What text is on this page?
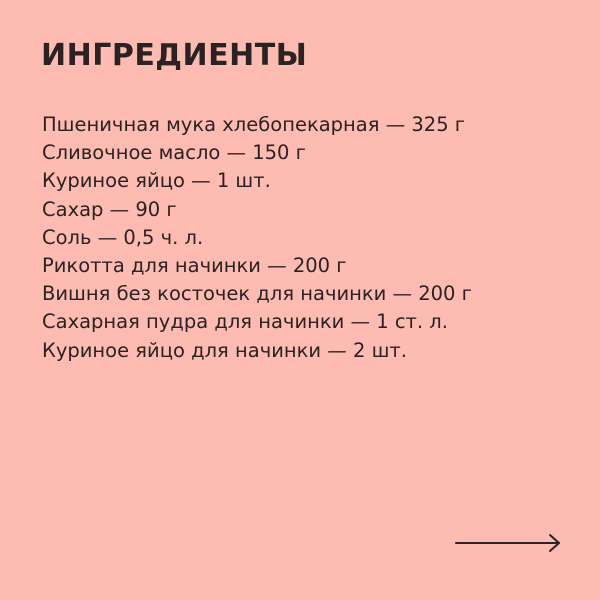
ИНГРЕДИЕНТЫ
Пшеничная мука хлебопекарная — 325 г
Сливочное масло — 150 г
Куриное яйцо — 1 шт.
Сахар — 90 г
Соль — 0,5 ч. л.
Рикотта для начинки — 200 г
Вишня без косточек для начинки — 200 г
Сахарная пудра для начинки — 1 ст. л.
Куриное яйцо для начинки — 2 шт.
